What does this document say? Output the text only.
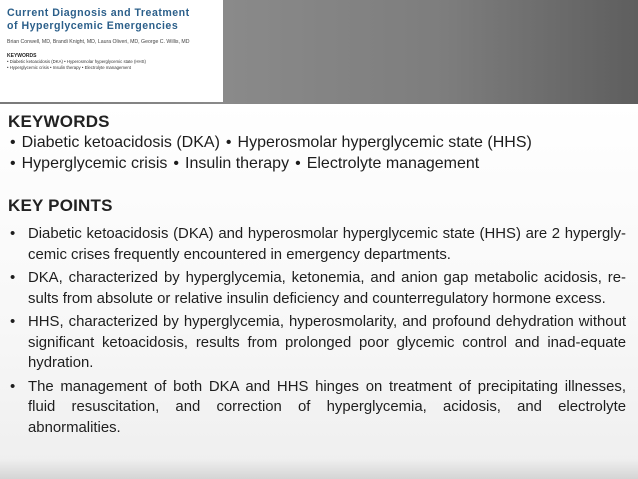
Current Diagnosis and Treatment

of Hyperglycemic Emergencies

Brian Conwell, MD, Brandi Knight, MD, Laura Oliveri, MD, George C. Willis, MD
KEYWORDS
• Diabetic ketoacidosis (DKA) • Hyperosmolar hyperglycemic state (HHS)
• Hyperglycemic crisis • Insulin therapy • Electrolyte management
KEYWORDS
• Diabetic ketoacidosis (DKA) • Hyperosmolar hyperglycemic state (HHS)
• Hyperglycemic crisis • Insulin therapy • Electrolyte management
KEY POINTS
• Diabetic ketoacidosis (DKA) and hyperosmolar hyperglycemic state (HHS) are 2 hypergly-cemic crises frequently encountered in emergency departments.
• DKA, characterized by hyperglycemia, ketonemia, and anion gap metabolic acidosis, re-sults from absolute or relative insulin deficiency and counterregulatory hormone excess.
• HHS, characterized by hyperglycemia, hyperosmolarity, and profound dehydration without significant ketoacidosis, results from prolonged poor glycemic control and inad-equate hydration.
• The management of both DKA and HHS hinges on treatment of precipitating illnesses, fluid resuscitation, and correction of hyperglycemia, acidosis, and electrolyte abnormalities.
